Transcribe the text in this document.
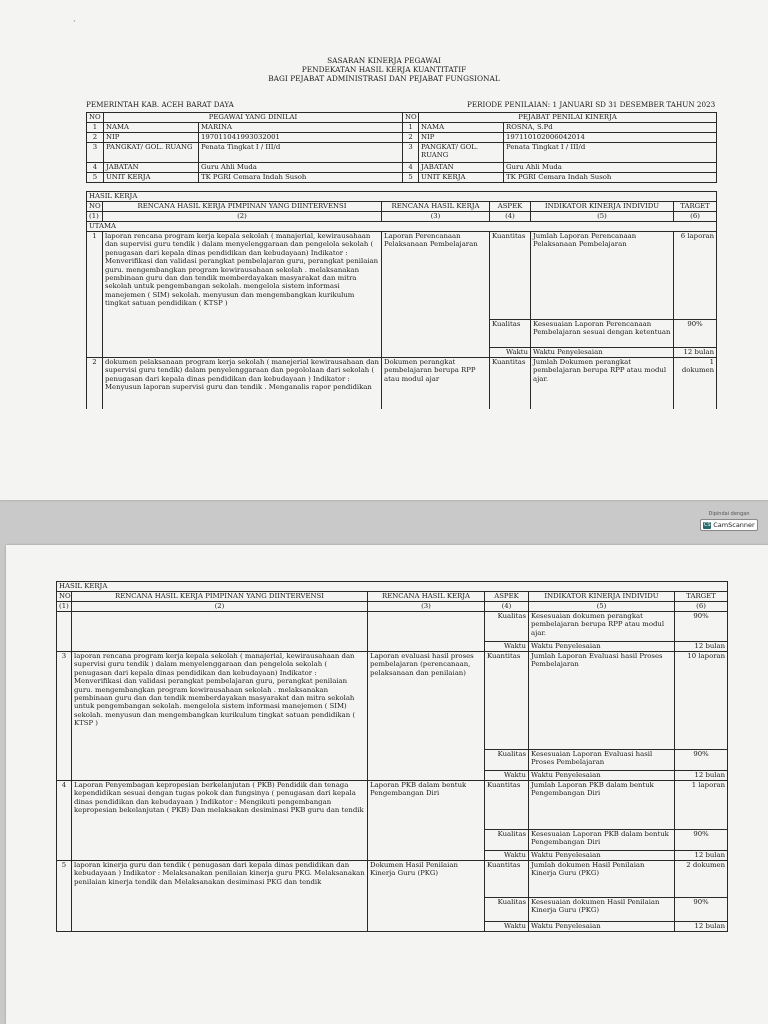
·
SASARAN KINERJA PEGAWAI
PENDEKATAN HASIL KERJA KUANTITATIF
BAGI PEJABAT ADMINISTRASI DAN PEJABAT FUNGSIONAL
PEMERINTAH KAB. ACEH BARAT DAYA	PERIODE PENILAIAN: 1 JANUARI SD 31 DESEMBER TAHUN 2023
NO	PEGAWAI YANG DINILAI		NO	PEJABAT PENILAI KINERJA	
1	NAMA	MARINA	1	NAMA	ROSNA, S.Pd
2	NIP	197011041993032001	2	NIP	197110102006042014
3	PANGKAT/ GOL. RUANG	Penata Tingkat I / III/d	3	PANGKAT/ GOL. RUANG	Penata Tingkat I / III/d
4	JABATAN	Guru Ahli Muda	4	JABATAN	Guru Ahli Muda
5	UNIT KERJA	TK PGRI Cemara Indah Susoh	5	UNIT KERJA	TK PGRI Cemara Indah Susoh
HASIL KERJA					
NO	RENCANA HASIL KERJA PIMPINAN YANG DIINTERVENSI	RENCANA HASIL KERJA	ASPEK	INDIKATOR KINERJA INDIVIDU	TARGET
(1)	(2)	(3)	(4)	(5)	(6)
UTAMA					
1	laporan rencana program kerja kepala sekolah ( manajerial, kewirausahaan dan supervisi guru tendik ) dalam menyelenggaraan dan pengelola sekolah ( penugasan dari kepala dinas pendidikan dan kebudayaan) Indikator : Menverifikasi dan validasi perangkat pembelajaran guru, perangkat penilaian guru. mengembangkan program kewirausahaan sekolah . melaksanakan pembinaan guru dan dan tendik memberdayakan masyarakat dan mitra sekolah untuk pengembangan sekolah. mengelola sistem informasi manejemen ( SIM) sekolah. menyusun dan mengembangkan kurikulum tingkat satuan pendidikan ( KTSP )	Laporan Perencanaan Pelaksanaan Pembelajaran	Kuantitas	Jumlah Laporan Perencanaan Pelaksanaan Pembelajaran	6 laporan
			Kualitas	Kesesuaian Laporan Perencanaan Pembelajaran sesuai dengan ketentuan	90%
			Waktu	Waktu Penyelesaian	12 bulan
2	dokumen pelaksanaan program kerja sekolah ( manejerial kewirausahaan dan supervisi guru tendik) dalam penyelenggaraan dan pegololaan dari sekolah ( penugasan dari kepala dinas pendidikan dan kebudayaan ) Indikator : Menyusun laporan supervisi guru dan tendik . Menganalis rapor pendidikan	Dokumen perangkat pembelajaran berupa RPP atau modul ajar	Kuantitas	Jumlah Dokumen perangkat pembelajaran berupa RPP atau modul ajar.	1 dokumen
Dipindai dengan
CS CamScanner
HASIL KERJA					
NO	RENCANA HASIL KERJA PIMPINAN YANG DIINTERVENSI	RENCANA HASIL KERJA	ASPEK	INDIKATOR KINERJA INDIVIDU	TARGET
(1)	(2)	(3)	(4)	(5)	(6)
			Kualitas	Kesesuaian dokumen perangkat pembelajaran berupa RPP atau modul ajar.	90%
			Waktu	Waktu Penyelesaian	12 bulan
3	laporan rencana program kerja kepala sekolah ( manajerial, kewirausahaan dan supervisi guru tendik ) dalam menyelenggaraan dan pengelola sekolah ( penugasan dari kepala dinas pendidikan dan kebudayaan) Indikator : Menverifikasi dan validasi perangkat pembelajaran guru, perangkat penilaian guru. mengembangkan program kewirausahaan sekolah . melaksanakan pembinaan guru dan dan tendik memberdayakan masyarakat dan mitra sekolah untuk pengembangan sekolah. mengelola sistem informasi manejemen ( SIM) sekolah. menyusun dan mengembangkan kurikulum tingkat satuan pendidikan ( KTSP )	Laporan evaluasi hasil proses pembelajaran (perencanaan, pelaksanaan dan penilaian)	Kuantitas	Jumlah Laporan Evaluasi hasil Proses Pembelajaran	10 laporan
			Kualitas	Kesesuaian Laporan Evaluasi hasil Proses Pembelajaran	90%
			Waktu	Waktu Penyelesaian	12 bulan
4	Laporan Penyembagan kepropesian berkelanjutan ( PKB) Pendidik dan tenaga kependidikan sesuai dengan tugas pokok dan fungsinya ( penugasan dari kepala dinas pendidikan dan kebudayaan ) Indikator : Mengikuti pengembangan kepropesian bekelanjutan ( PKB) Dan melaksakan desiminasi PKB guru dan tendik	Laporan PKB dalam bentuk Pengembangan Diri	Kuantitas	Jumlah Laporan PKB dalam bentuk Pengembangan Diri	1 laporan
			Kualitas	Kesesuaian Laporan PKB dalam bentuk Pengembangan Diri	90%
			Waktu	Waktu Penyelesaian	12 bulan
5	laporan kinerja guru dan tendik ( penugasan dari kepala dinas pendidikan dan kebudayaan ) Indikator : Melaksanakan penilaian kinerja guru PKG. Melaksanakan penilaian kinerja tendik dan Melaksanakan desiminasi PKG dan tendik	Dokumen Hasil Penilaian Kinerja Guru (PKG)	Kuantitas	Jumlah dokumen Hasil Penilaian Kinerja Guru (PKG)	2 dokumen
			Kualitas	Kesesuaian dokumen Hasil Penilaian Kinerja Guru (PKG)	90%
			Waktu	Waktu Penyelesaian	12 bulan
